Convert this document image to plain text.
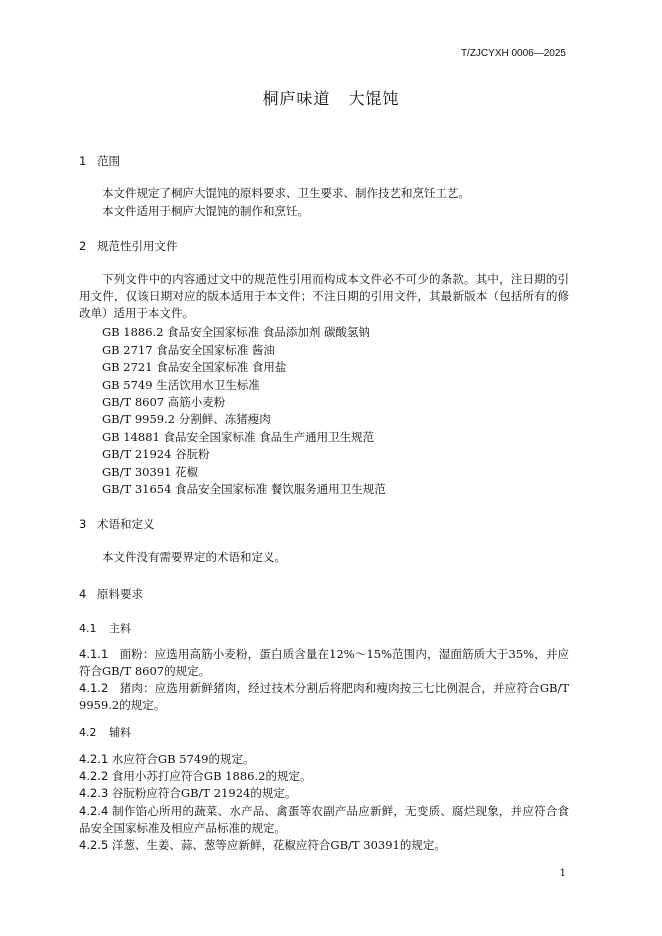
T/ZJCYXH 0006—2025
桐庐味道 大馄饨
1 范围
本文件规定了桐庐大馄饨的原料要求、卫生要求、制作技艺和烹饪工艺。
本文件适用于桐庐大馄饨的制作和烹饪。
2 规范性引用文件
下列文件中的内容通过文中的规范性引用而构成本文件必不可少的条款。其中，注日期的引用文件，仅该日期对应的版本适用于本文件；不注日期的引用文件，其最新版本（包括所有的修改单）适用于本文件。
GB 1886.2 食品安全国家标准 食品添加剂 碳酸氢钠
GB 2717 食品安全国家标准 酱油
GB 2721 食品安全国家标准 食用盐
GB 5749 生活饮用水卫生标准
GB/T 8607 高筋小麦粉
GB/T 9959.2 分割鲜、冻猪瘦肉
GB 14881 食品安全国家标准 食品生产通用卫生规范
GB/T 21924 谷朊粉
GB/T 30391 花椒
GB/T 31654 食品安全国家标准 餐饮服务通用卫生规范
3 术语和定义
本文件没有需要界定的术语和定义。
4 原料要求
4.1 主料
4.1.1 面粉：应选用高筋小麦粉，蛋白质含量在12%～15%范围内，湿面筋质大于35%，并应符合GB/T 8607的规定。
4.1.2 猪肉：应选用新鲜猪肉，经过技术分割后将肥肉和瘦肉按三七比例混合，并应符合GB/T 9959.2的规定。
4.2 辅料
4.2.1 水应符合GB 5749的规定。
4.2.2 食用小苏打应符合GB 1886.2的规定。
4.2.3 谷朊粉应符合GB/T 21924的规定。
4.2.4 制作馅心所用的蔬菜、水产品、禽蛋等农副产品应新鲜，无变质、腐烂现象，并应符合食品安全国家标准及相应产品标准的规定。
4.2.5 洋葱、生姜、蒜、葱等应新鲜，花椒应符合GB/T 30391的规定。
1
